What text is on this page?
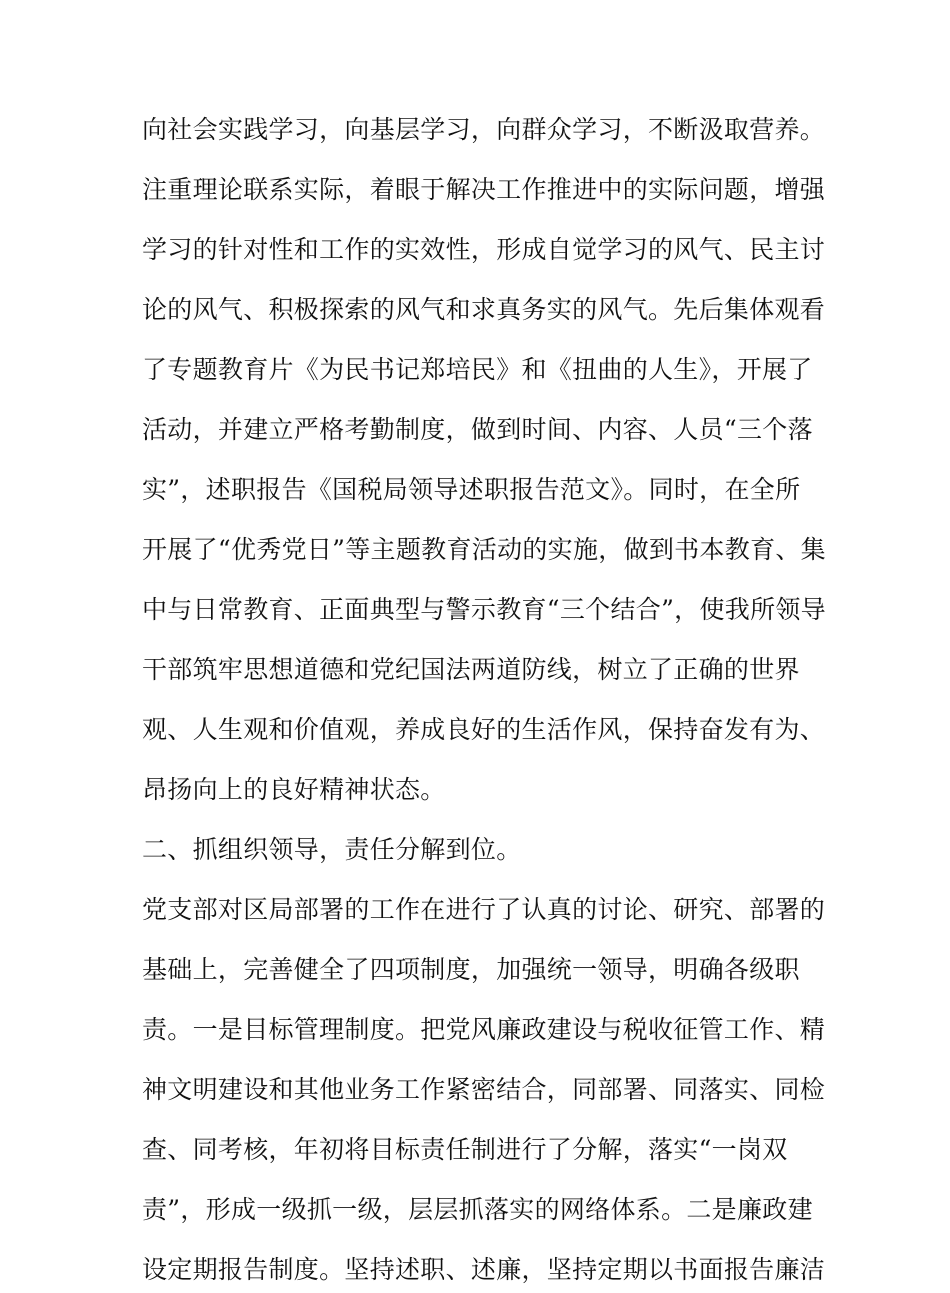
向社会实践学习，向基层学习，向群众学习，不断汲取营养。
注重理论联系实际，着眼于解决工作推进中的实际问题，增强
学习的针对性和工作的实效性，形成自觉学习的风气、民主讨
论的风气、积极探索的风气和求真务实的风气。先后集体观看
了专题教育片《为民书记郑培民》和《扭曲的人生》，开展了
活动，并建立严格考勤制度，做到时间、内容、人员“三个落
实”，述职报告《国税局领导述职报告范文》。同时，在全所
开展了“优秀党日”等主题教育活动的实施，做到书本教育、集
中与日常教育、正面典型与警示教育“三个结合”，使我所领导
干部筑牢思想道德和党纪国法两道防线，树立了正确的世界
观、人生观和价值观，养成良好的生活作风，保持奋发有为、
昂扬向上的良好精神状态。
二、抓组织领导，责任分解到位。
党支部对区局部署的工作在进行了认真的讨论、研究、部署的
基础上，完善健全了四项制度，加强统一领导，明确各级职
责。一是目标管理制度。把党风廉政建设与税收征管工作、精
神文明建设和其他业务工作紧密结合，同部署、同落实、同检
查、同考核，年初将目标责任制进行了分解，落实“一岗双
责”，形成一级抓一级，层层抓落实的网络体系。二是廉政建
设定期报告制度。坚持述职、述廉，坚持定期以书面报告廉洁
